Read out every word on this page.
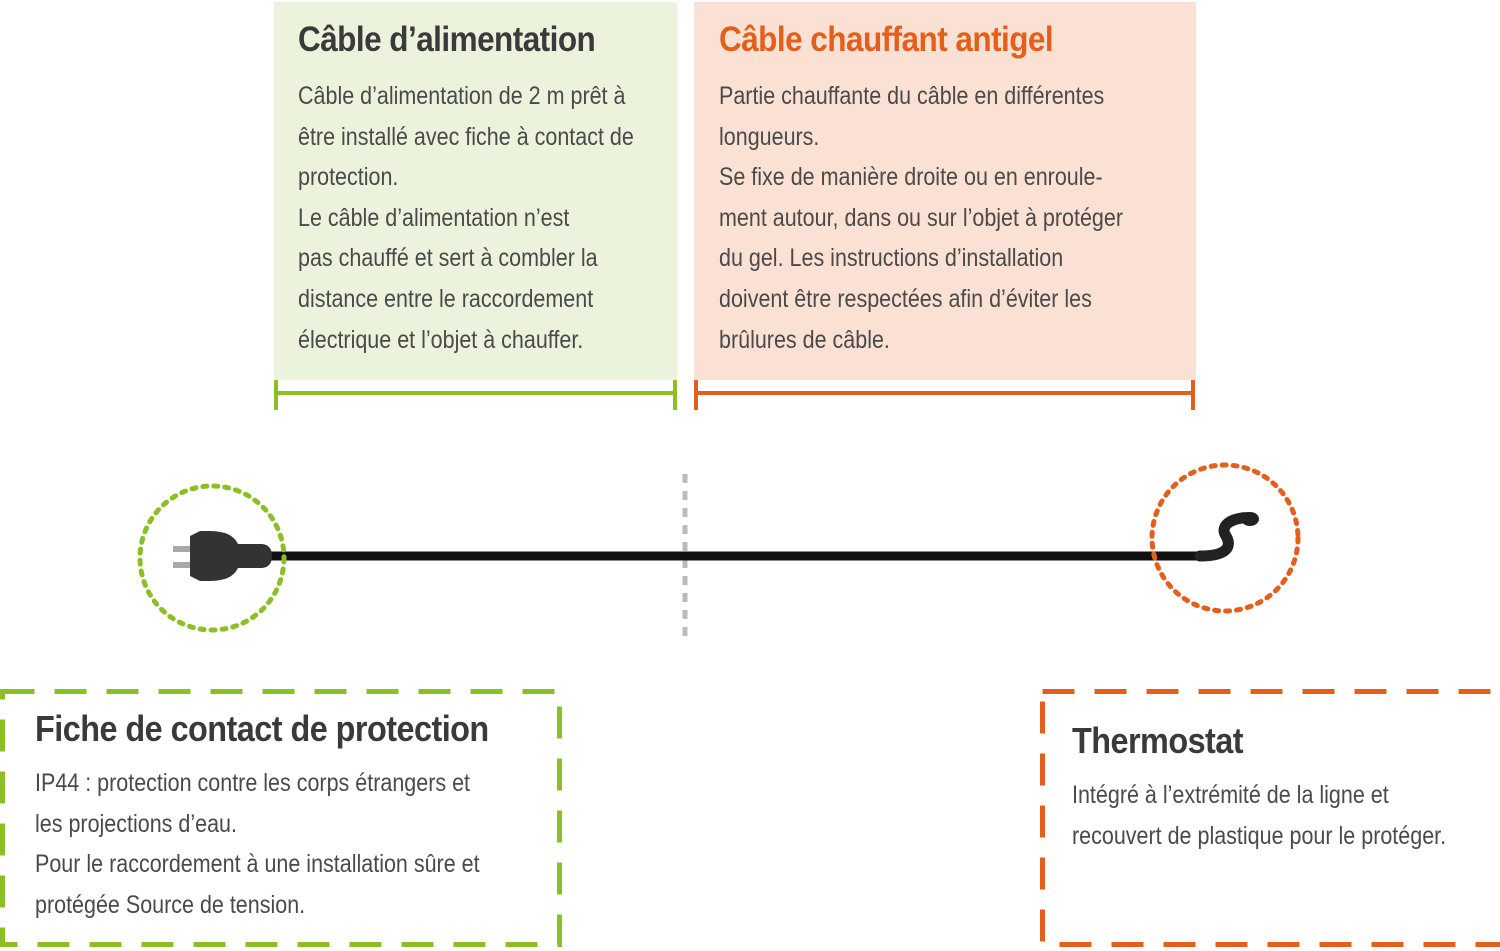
Câble d’alimentation

Câble d’alimentation de 2 m prêt à
être installé avec fiche à contact de
protection.
Le câble d’alimentation n’est
pas chauffé et sert à combler la
distance entre le raccordement
électrique et l’objet à chauffer.

Câble chauffant antigel

Partie chauffante du câble en différentes
longueurs.
Se fixe de manière droite ou en enroule-
ment autour, dans ou sur l’objet à protéger
du gel. Les instructions d’installation
doivent être respectées afin d’éviter les
brûlures de câble.

Fiche de contact de protection

IP44 : protection contre les corps étrangers et
les projections d’eau.
Pour le raccordement à une installation sûre et
protégée Source de tension.

Thermostat

Intégré à l’extrémité de la ligne et
recouvert de plastique pour le protéger.
